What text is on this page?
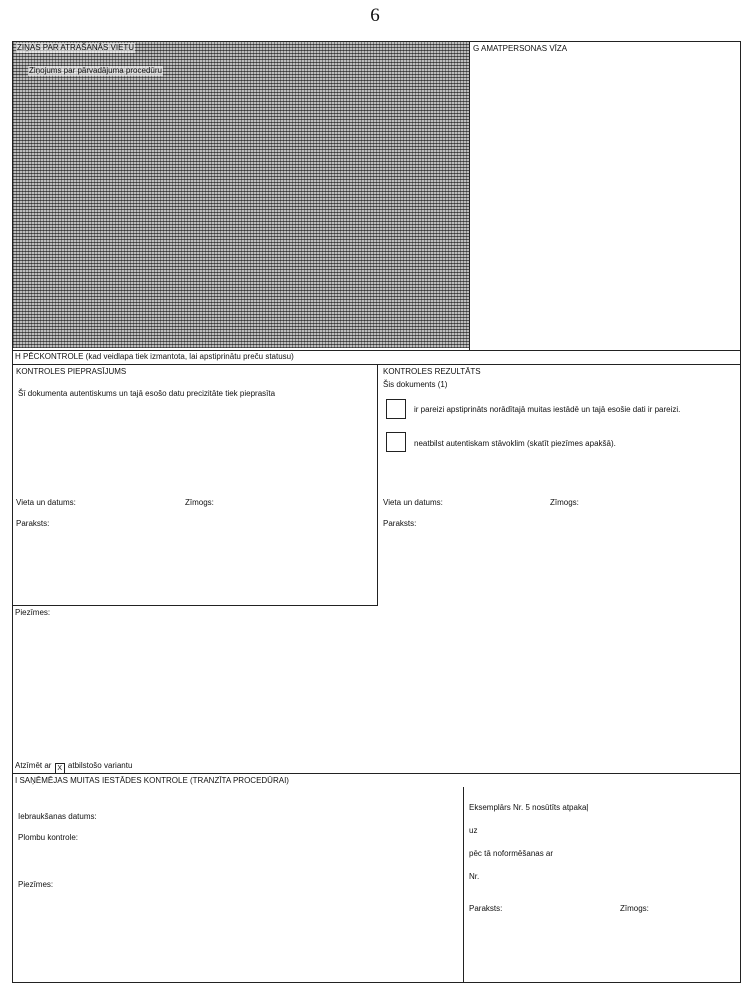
6
ZIŅAS PAR ATRAŠANĀS VIETU
Ziņojums par pārvadājuma procedūru
G AMATPERSONAS VĪZA
H PĒCKONTROLE (kad veidlapa tiek izmantota, lai apstiprinātu preču statusu)
KONTROLES PIEPRASĪJUMS
Šī dokumenta autentiskums un tajā esošo datu precizitāte tiek pieprasīta
Vieta un datums:	Zīmogs:
Paraksts:
KONTROLES REZULTĀTS
Šis dokuments (1)
ir pareizi apstiprināts norādītajā muitas iestādē un tajā esošie dati ir pareizi.
neatbilst autentiskam stāvoklim (skatīt piezīmes apakšā).
Vieta un datums:	Zīmogs:
Paraksts:
Piezīmes:
Atzīmēt ar X atbilstošo variantu
I SAŅĒMĒJAS MUITAS IESTĀDES KONTROLE (TRANZĪTA PROCEDŪRAI)
Iebraukšanas datums:
Plombu kontrole:
Piezīmes:
Eksemplārs Nr. 5 nosūtīts atpakaļ
uz
pēc tā noformēšanas ar
Nr.
Paraksts:	Zīmogs:
